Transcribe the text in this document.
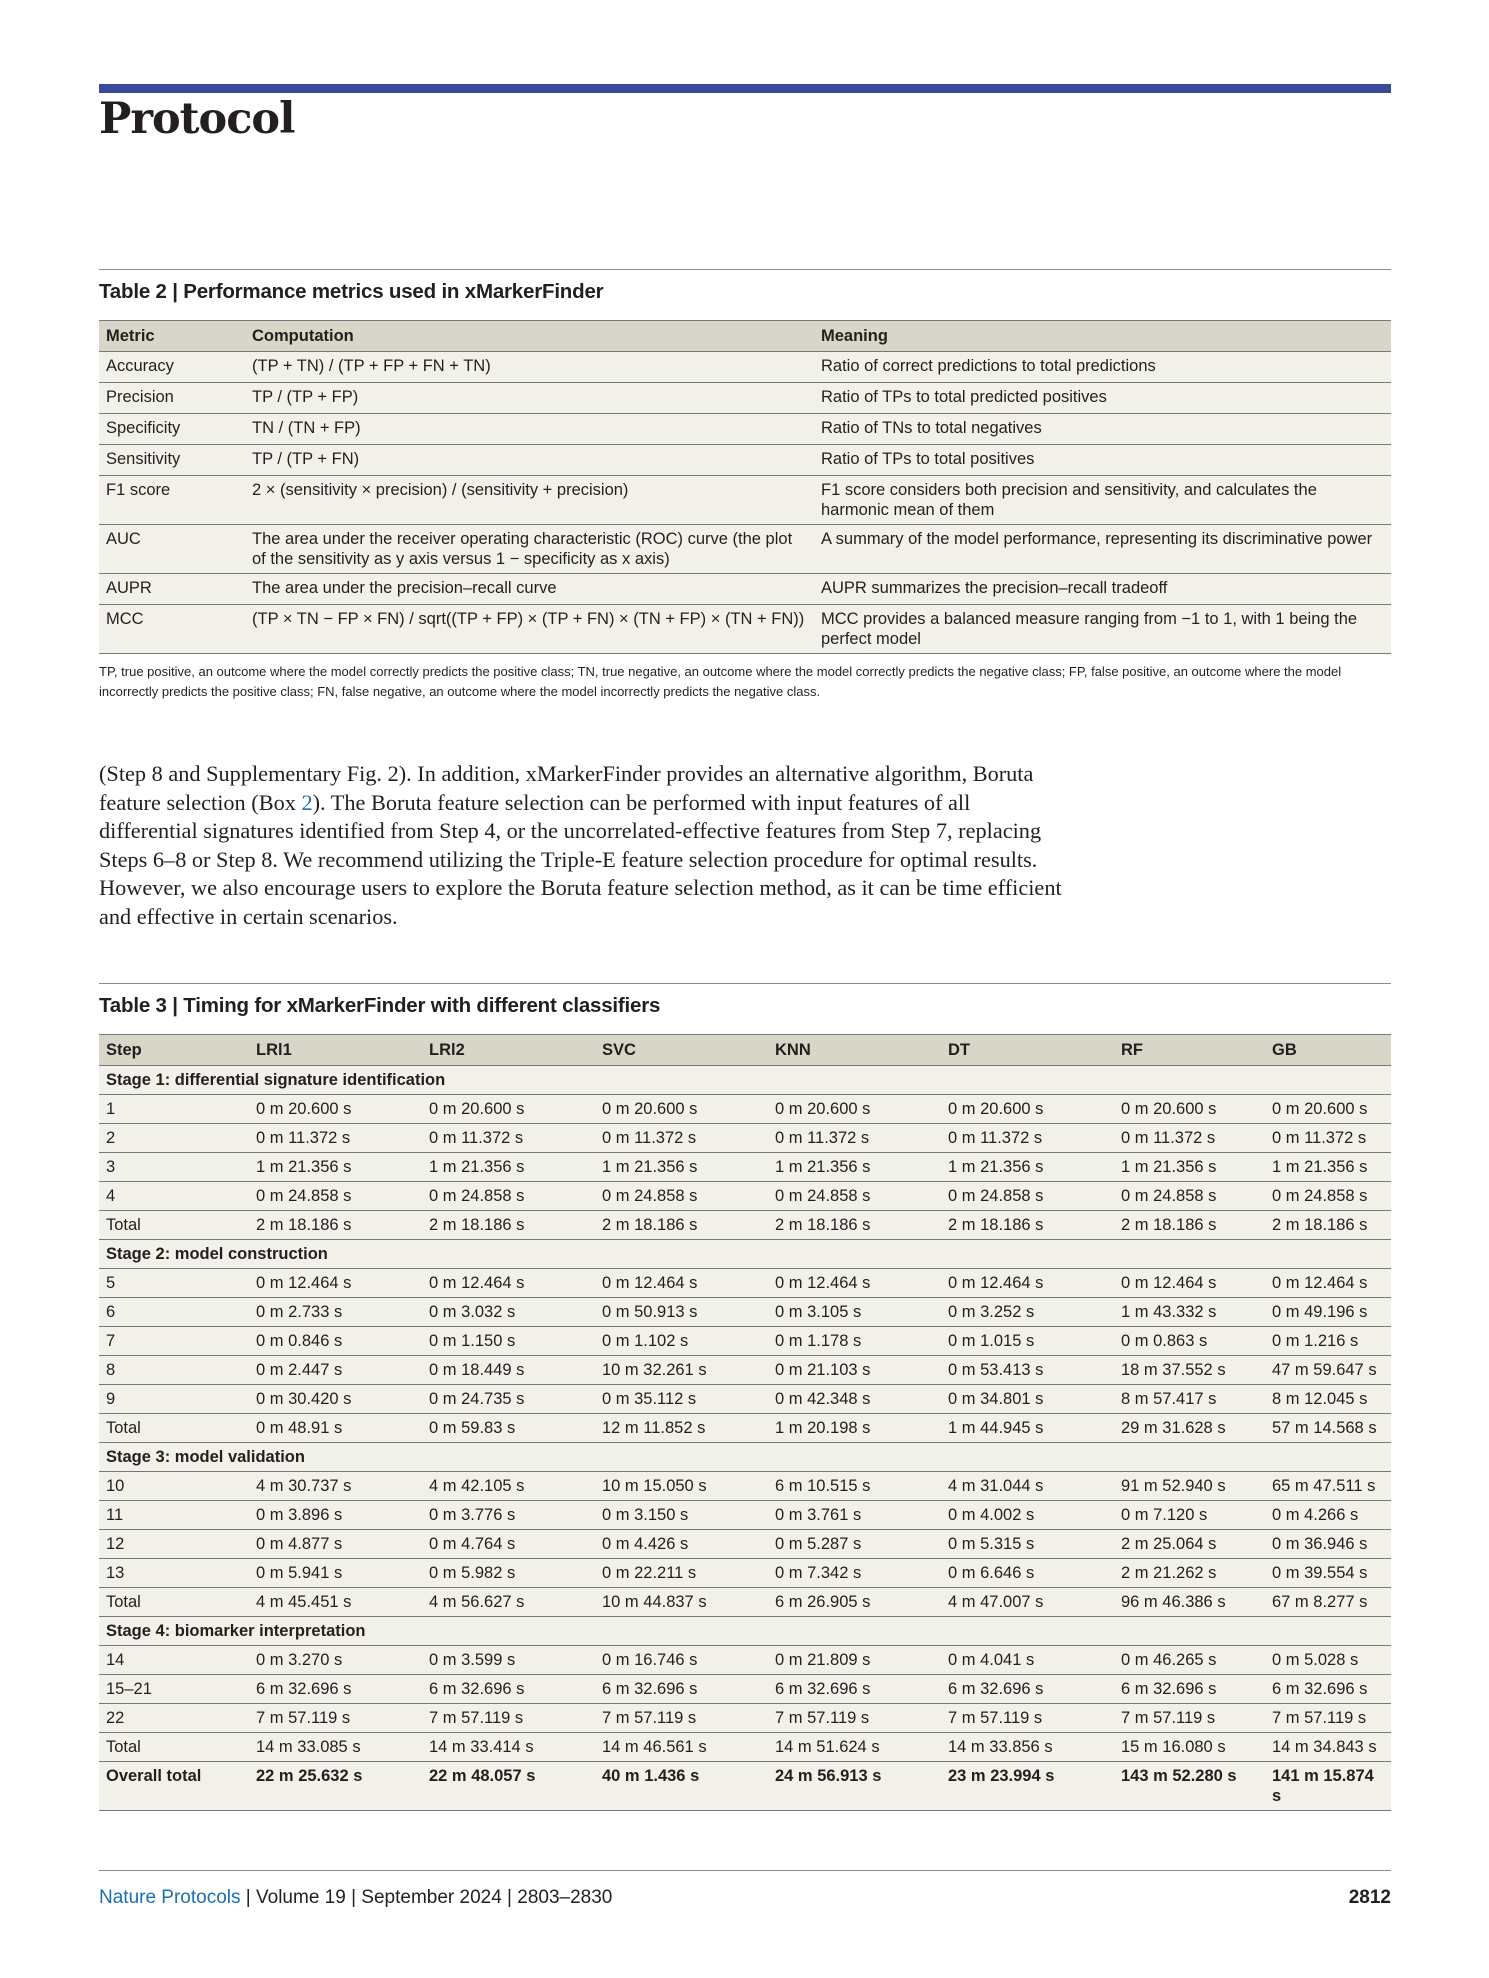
Protocol
Table 2 | Performance metrics used in xMarkerFinder
Metric	Computation	Meaning
Accuracy	(TP + TN) / (TP + FP + FN + TN)	Ratio of correct predictions to total predictions
Precision	TP / (TP + FP)	Ratio of TPs to total predicted positives
Specificity	TN / (TN + FP)	Ratio of TNs to total negatives
Sensitivity	TP / (TP + FN)	Ratio of TPs to total positives
F1 score	2 × (sensitivity × precision) / (sensitivity + precision)	F1 score considers both precision and sensitivity, and calculates the harmonic mean of them
AUC	The area under the receiver operating characteristic (ROC) curve (the plot of the sensitivity as y axis versus 1 − specificity as x axis)	A summary of the model performance, representing its discriminative power
AUPR	The area under the precision–recall curve	AUPR summarizes the precision–recall tradeoff
MCC	(TP × TN − FP × FN) / sqrt((TP + FP) × (TP + FN) × (TN + FP) × (TN + FN))	MCC provides a balanced measure ranging from −1 to 1, with 1 being the perfect model
TP, true positive, an outcome where the model correctly predicts the positive class; TN, true negative, an outcome where the model correctly predicts the negative class; FP, false positive, an outcome where the model incorrectly predicts the positive class; FN, false negative, an outcome where the model incorrectly predicts the negative class.
(Step 8 and Supplementary Fig. 2). In addition, xMarkerFinder provides an alternative algorithm, Boruta feature selection (Box 2). The Boruta feature selection can be performed with input features of all differential signatures identified from Step 4, or the uncorrelated-effective features from Step 7, replacing Steps 6–8 or Step 8. We recommend utilizing the Triple-E feature selection procedure for optimal results. However, we also encourage users to explore the Boruta feature selection method, as it can be time efficient and effective in certain scenarios.
Table 3 | Timing for xMarkerFinder with different classifiers
Step	LRl1	LRl2	SVC	KNN	DT	RF	GB
Stage 1: differential signature identification							
1	0 m 20.600 s	0 m 20.600 s	0 m 20.600 s	0 m 20.600 s	0 m 20.600 s	0 m 20.600 s	0 m 20.600 s
2	0 m 11.372 s	0 m 11.372 s	0 m 11.372 s	0 m 11.372 s	0 m 11.372 s	0 m 11.372 s	0 m 11.372 s
3	1 m 21.356 s	1 m 21.356 s	1 m 21.356 s	1 m 21.356 s	1 m 21.356 s	1 m 21.356 s	1 m 21.356 s
4	0 m 24.858 s	0 m 24.858 s	0 m 24.858 s	0 m 24.858 s	0 m 24.858 s	0 m 24.858 s	0 m 24.858 s
Total	2 m 18.186 s	2 m 18.186 s	2 m 18.186 s	2 m 18.186 s	2 m 18.186 s	2 m 18.186 s	2 m 18.186 s
Stage 2: model construction							
5	0 m 12.464 s	0 m 12.464 s	0 m 12.464 s	0 m 12.464 s	0 m 12.464 s	0 m 12.464 s	0 m 12.464 s
6	0 m 2.733 s	0 m 3.032 s	0 m 50.913 s	0 m 3.105 s	0 m 3.252 s	1 m 43.332 s	0 m 49.196 s
7	0 m 0.846 s	0 m 1.150 s	0 m 1.102 s	0 m 1.178 s	0 m 1.015 s	0 m 0.863 s	0 m 1.216 s
8	0 m 2.447 s	0 m 18.449 s	10 m 32.261 s	0 m 21.103 s	0 m 53.413 s	18 m 37.552 s	47 m 59.647 s
9	0 m 30.420 s	0 m 24.735 s	0 m 35.112 s	0 m 42.348 s	0 m 34.801 s	8 m 57.417 s	8 m 12.045 s
Total	0 m 48.91 s	0 m 59.83 s	12 m 11.852 s	1 m 20.198 s	1 m 44.945 s	29 m 31.628 s	57 m 14.568 s
Stage 3: model validation							
10	4 m 30.737 s	4 m 42.105 s	10 m 15.050 s	6 m 10.515 s	4 m 31.044 s	91 m 52.940 s	65 m 47.511 s
11	0 m 3.896 s	0 m 3.776 s	0 m 3.150 s	0 m 3.761 s	0 m 4.002 s	0 m 7.120 s	0 m 4.266 s
12	0 m 4.877 s	0 m 4.764 s	0 m 4.426 s	0 m 5.287 s	0 m 5.315 s	2 m 25.064 s	0 m 36.946 s
13	0 m 5.941 s	0 m 5.982 s	0 m 22.211 s	0 m 7.342 s	0 m 6.646 s	2 m 21.262 s	0 m 39.554 s
Total	4 m 45.451 s	4 m 56.627 s	10 m 44.837 s	6 m 26.905 s	4 m 47.007 s	96 m 46.386 s	67 m 8.277 s
Stage 4: biomarker interpretation							
14	0 m 3.270 s	0 m 3.599 s	0 m 16.746 s	0 m 21.809 s	0 m 4.041 s	0 m 46.265 s	0 m 5.028 s
15–21	6 m 32.696 s	6 m 32.696 s	6 m 32.696 s	6 m 32.696 s	6 m 32.696 s	6 m 32.696 s	6 m 32.696 s
22	7 m 57.119 s	7 m 57.119 s	7 m 57.119 s	7 m 57.119 s	7 m 57.119 s	7 m 57.119 s	7 m 57.119 s
Total	14 m 33.085 s	14 m 33.414 s	14 m 46.561 s	14 m 51.624 s	14 m 33.856 s	15 m 16.080 s	14 m 34.843 s
Overall total	22 m 25.632 s	22 m 48.057 s	40 m 1.436 s	24 m 56.913 s	23 m 23.994 s	143 m 52.280 s	141 m 15.874 s
Nature Protocols | Volume 19 | September 2024 | 2803–2830	2812
